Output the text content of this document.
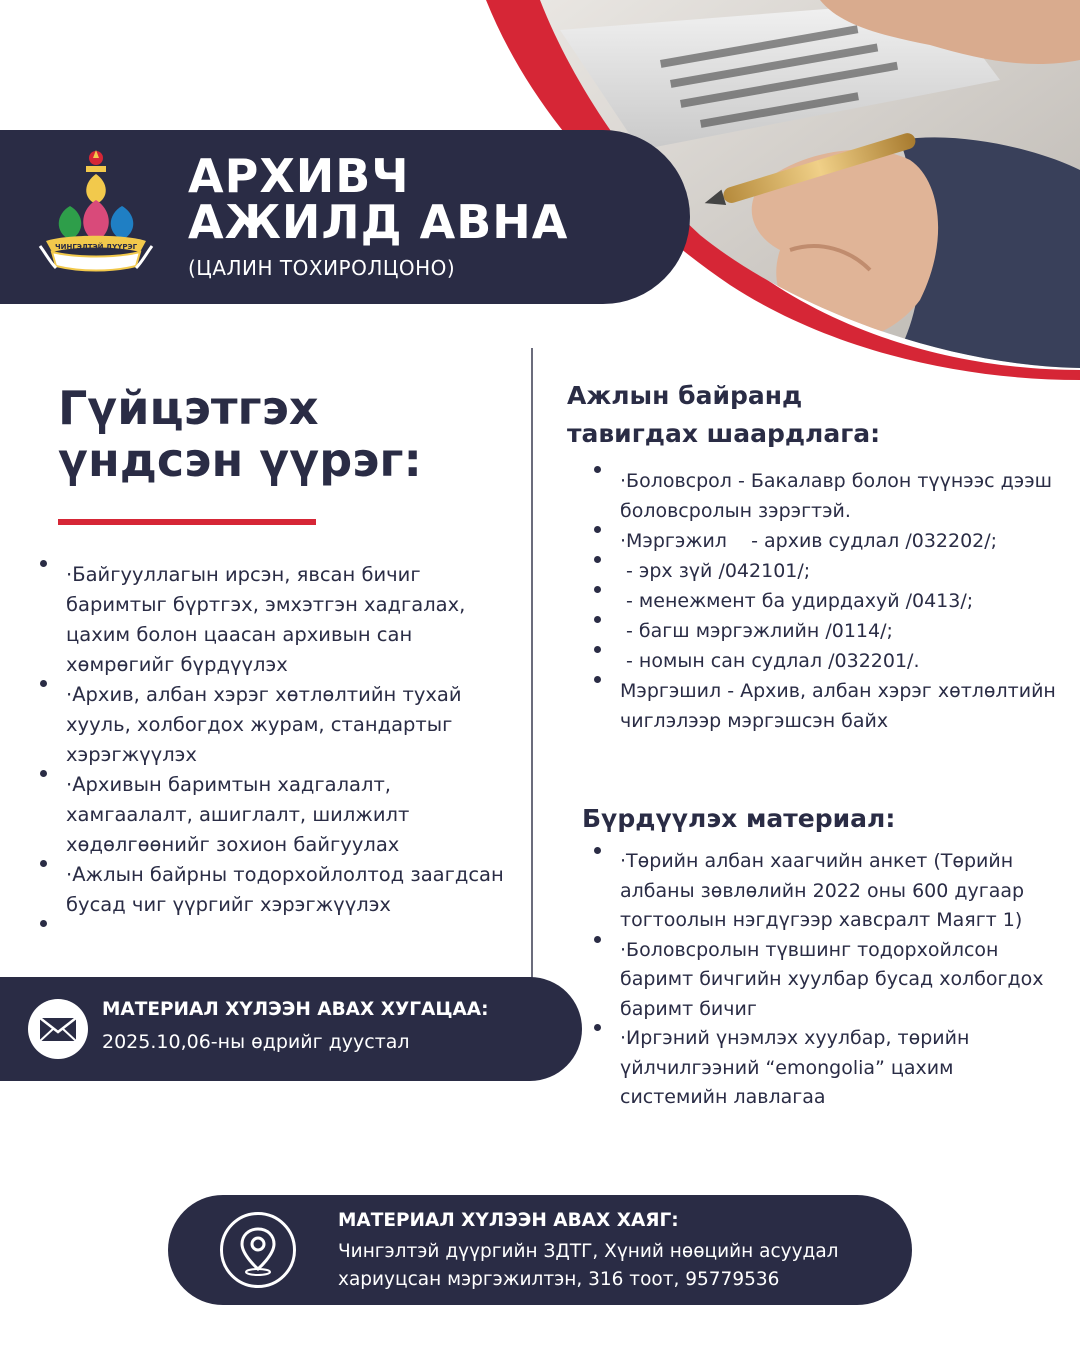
ЧИНГЭЛТЭЙ ДҮҮРЭГ
АРХИВЧ
АЖИЛД АВНА
(ЦАЛИН ТОХИРОЛЦОНО)
Гүйцэтгэх
үндсэн үүрэг:
·Байгууллагын ирсэн, явсан бичиг баримтыг бүртгэх, эмхэтгэн хадгалах, цахим болон цаасан архивын сан хөмрөгийг бүрдүүлэх
·Архив, албан хэрэг хөтлөлтийн тухай хууль, холбогдох журам, стандартыг хэрэгжүүлэх
·Архивын баримтын хадгалалт, хамгаалалт, ашиглалт, шилжилт хөдөлгөөнийг зохион байгуулах
·Ажлын байрны тодорхойлолтод заагдсан бусад чиг үүргийг хэрэгжүүлэх
МАТЕРИАЛ ХҮЛЭЭН АВАХ ХУГАЦАА:
2025.10,06-ны өдрийг дуустал
Ажлын байранд
тавигдах шаардлага:
·Боловсрол - Бакалавр болон түүнээс дээш боловсролын зэрэгтэй.
·Мэргэжил    - архив судлал /032202/;
- эрх зүй /042101/;
- менежмент ба удирдахуй /0413/;
- багш мэргэжлийн /0114/;
- номын сан судлал /032201/.
Мэргэшил - Архив, албан хэрэг хөтлөлтийн чиглэлээр мэргэшсэн байх
Бүрдүүлэх материал:
·Төрийн албан хаагчийн анкет (Төрийн албаны зөвлөлийн 2022 оны 600 дугаар тогтоолын нэгдүгээр хавсралт Маягт 1)
·Боловсролын түвшинг тодорхойлсон баримт бичгийн хуулбар бусад холбогдох баримт бичиг
·Иргэний үнэмлэх хуулбар, төрийн үйлчилгээний “emongolia” цахим системийн лавлагаа
МАТЕРИАЛ ХҮЛЭЭН АВАХ ХАЯГ:
Чингэлтэй дүүргийн ЗДТГ, Хүний нөөцийн асуудал
хариуцсан мэргэжилтэн, 316 тоот, 95779536
